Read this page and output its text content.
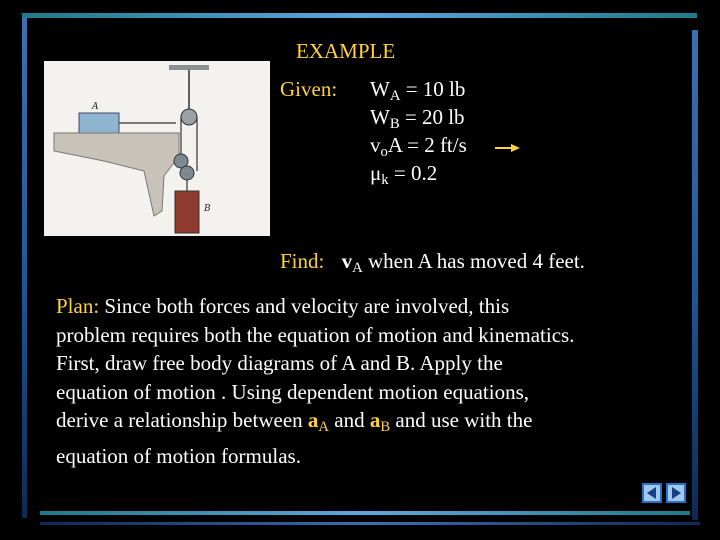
A
B
EXAMPLE
Given: $W_A = 10$ lb
$W_B = 20$ lb
$v_oA = 2$ ft/s
$\mu_k = 0.2$
Find: $v_A$ when A has moved 4 feet.
Plan: Since both forces and velocity are involved, this
problem requires both the equation of motion and kinematics.
First, draw free body diagrams of A and B. Apply the
equation of motion . Using dependent motion equations,
derive a relationship between $a_A$ and $a_B$ and use with the
equation of motion formulas.
